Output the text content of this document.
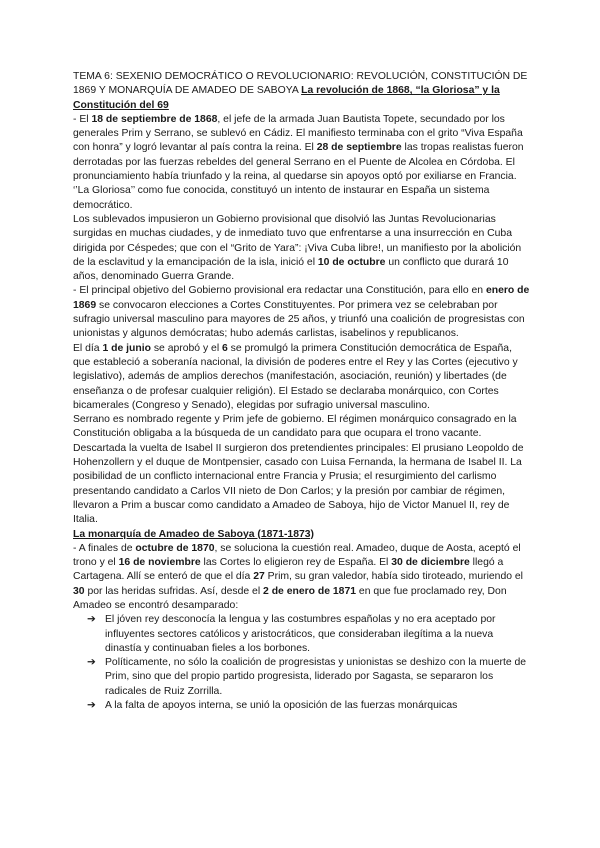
TEMA 6: SEXENIO DEMOCRÁTICO O REVOLUCIONARIO: REVOLUCIÓN, CONSTITUCIÓN DE 1869 Y MONARQUÍA DE AMADEO DE SABOYA La revolución de 1868, “la Gloriosa” y la Constitución del 69

- El 18 de septiembre de 1868, el jefe de la armada Juan Bautista Topete, secundado por los generales Prim y Serrano, se sublevó en Cádiz. El manifiesto terminaba con el grito “Viva España con honra” y logró levantar al país contra la reina. El 28 de septiembre las tropas realistas fueron derrotadas por las fuerzas rebeldes del general Serrano en el Puente de Alcolea en Córdoba. El pronunciamiento había triunfado y la reina, al quedarse sin apoyos optó por exiliarse en Francia. ‘’La Gloriosa’’ como fue conocida, constituyó un intento de instaurar en España un sistema democrático.

Los sublevados impusieron un Gobierno provisional que disolvió las Juntas Revolucionarias surgidas en muchas ciudades, y de inmediato tuvo que enfrentarse a una insurrección en Cuba dirigida por Céspedes; que con el “Grito de Yara”: ¡Viva Cuba libre!, un manifiesto por la abolición de la esclavitud y la emancipación de la isla, inició el 10 de octubre un conflicto que durará 10 años, denominado Guerra Grande.

- El principal objetivo del Gobierno provisional era redactar una Constitución, para ello en enero de 1869 se convocaron elecciones a Cortes Constituyentes. Por primera vez se celebraban por sufragio universal masculino para mayores de 25 años, y triunfó una coalición de progresistas con unionistas y algunos demócratas; hubo además carlistas, isabelinos y republicanos.

El día 1 de junio se aprobó y el 6 se promulgó la primera Constitución democrática de España, que estableció a soberanía nacional, la división de poderes entre el Rey y las Cortes (ejecutivo y legislativo), además de amplios derechos (manifestación, asociación, reunión) y libertades (de enseñanza o de profesar cualquier religión). El Estado se declaraba monárquico, con Cortes bicamerales (Congreso y Senado), elegidas por sufragio universal masculino.

Serrano es nombrado regente y Prim jefe de gobierno. El régimen monárquico consagrado en la Constitución obligaba a la búsqueda de un candidato para que ocupara el trono vacante. Descartada la vuelta de Isabel II surgieron dos pretendientes principales: El prusiano Leopoldo de Hohenzollern y el duque de Montpensier, casado con Luisa Fernanda, la hermana de Isabel II. La posibilidad de un conflicto internacional entre Francia y Prusia; el resurgimiento del carlismo presentando candidato a Carlos VII nieto de Don Carlos; y la presión por cambiar de régimen, llevaron a Prim a buscar como candidato a Amadeo de Saboya, hijo de Victor Manuel II, rey de Italia.

La monarquía de Amadeo de Saboya (1871-1873)

- A finales de octubre de 1870, se soluciona la cuestión real. Amadeo, duque de Aosta, aceptó el trono y el 16 de noviembre las Cortes lo eligieron rey de España. El 30 de diciembre llegó a Cartagena. Allí se enteró de que el día 27 Prim, su gran valedor, había sido tiroteado, muriendo el 30 por las heridas sufridas. Así, desde el 2 de enero de 1871 en que fue proclamado rey, Don Amadeo se encontró desamparado:

➔ El jóven rey desconocía la lengua y las costumbres españolas y no era aceptado por influyentes sectores católicos y aristocráticos, que consideraban ilegítima a la nueva dinastía y continuaban fieles a los borbones.
➔ Políticamente, no sólo la coalición de progresistas y unionistas se deshizo con la muerte de Prim, sino que del propio partido progresista, liderado por Sagasta, se separaron los radicales de Ruiz Zorrilla.
➔ A la falta de apoyos interna, se unió la oposición de las fuerzas monárquicas
